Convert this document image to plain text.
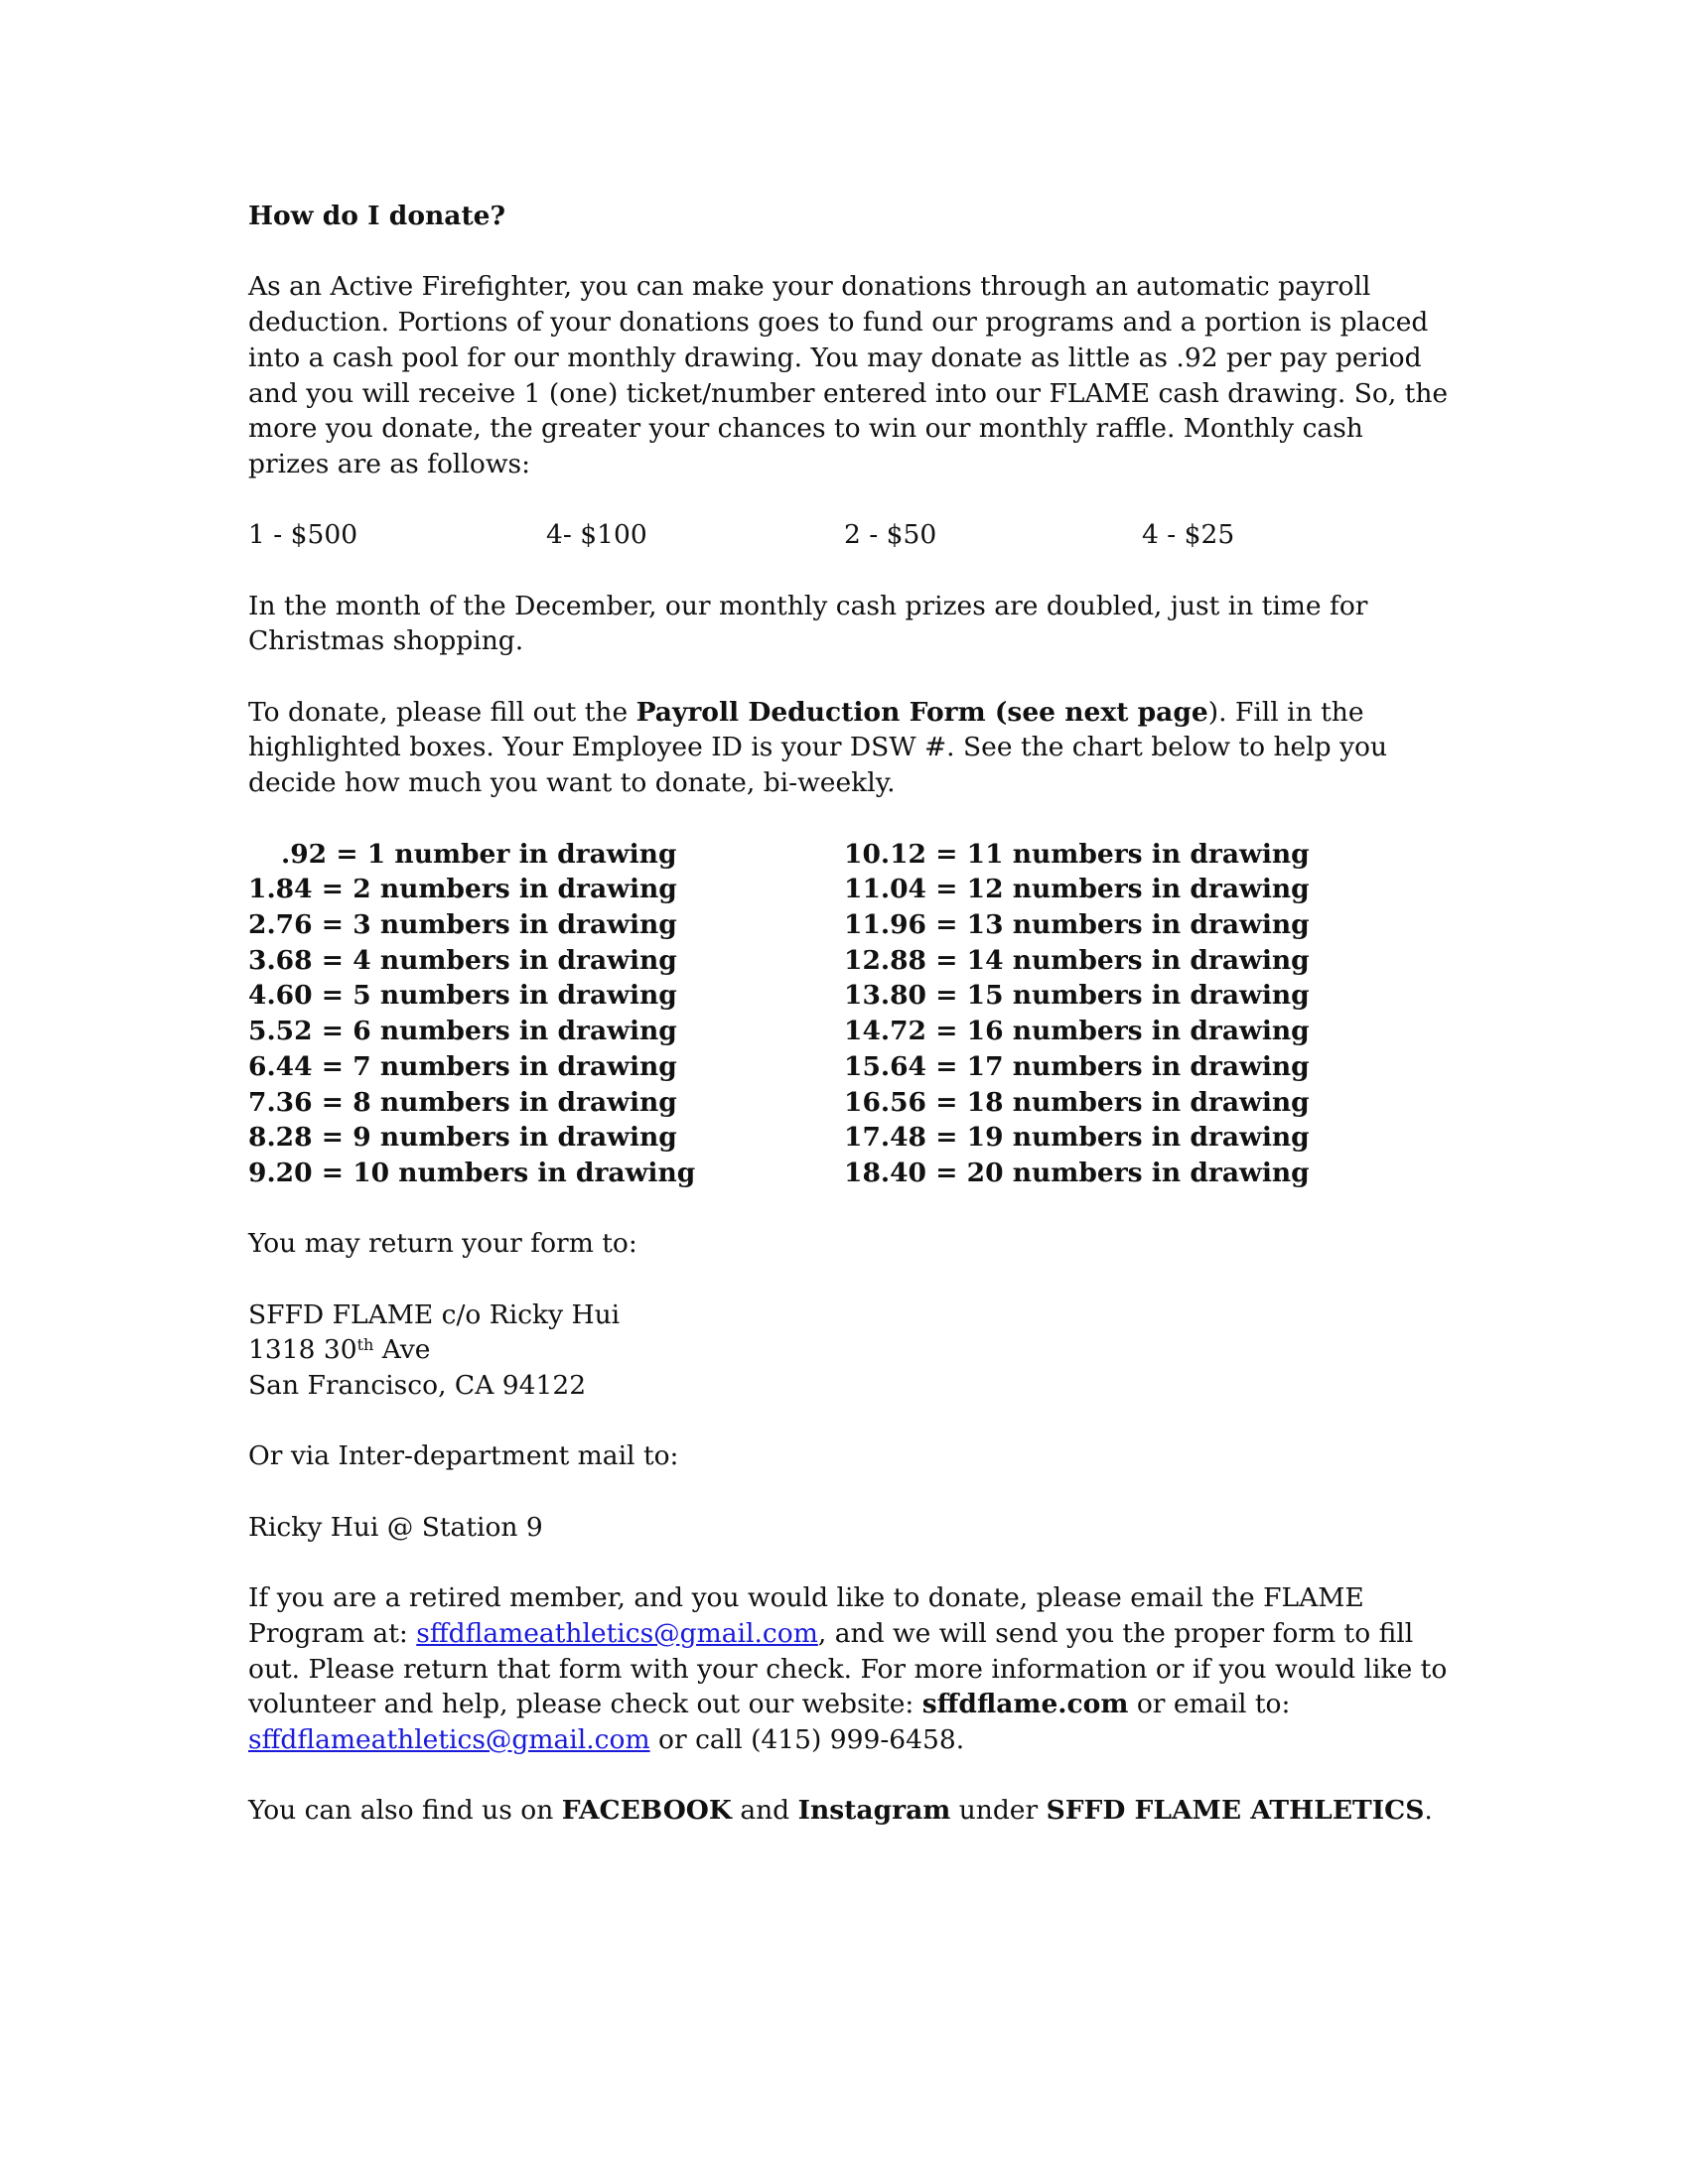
How do I donate?

As an Active Firefighter, you can make your donations through an automatic payroll deduction. Portions of your donations goes to fund our programs and a portion is placed into a cash pool for our monthly drawing. You may donate as little as .92 per pay period and you will receive 1 (one) ticket/number entered into our FLAME cash drawing. So, the more you donate, the greater your chances to win our monthly raffle. Monthly cash prizes are as follows:

1 - $500	4- $100	2 - $50	4 - $25

In the month of the December, our monthly cash prizes are doubled, just in time for Christmas shopping.

To donate, please fill out the Payroll Deduction Form (see next page). Fill in the highlighted boxes. Your Employee ID is your DSW #. See the chart below to help you decide how much you want to donate, bi-weekly.

.92 = 1 number in drawing
1.84 = 2 numbers in drawing
2.76 = 3 numbers in drawing
3.68 = 4 numbers in drawing
4.60 = 5 numbers in drawing
5.52 = 6 numbers in drawing
6.44 = 7 numbers in drawing
7.36 = 8 numbers in drawing
8.28 = 9 numbers in drawing
9.20 = 10 numbers in drawing
10.12 = 11 numbers in drawing
11.04 = 12 numbers in drawing
11.96 = 13 numbers in drawing
12.88 = 14 numbers in drawing
13.80 = 15 numbers in drawing
14.72 = 16 numbers in drawing
15.64 = 17 numbers in drawing
16.56 = 18 numbers in drawing
17.48 = 19 numbers in drawing
18.40 = 20 numbers in drawing

You may return your form to:

SFFD FLAME c/o Ricky Hui

1318 30th Ave

San Francisco, CA 94122

Or via Inter-department mail to:

Ricky Hui @ Station 9

If you are a retired member, and you would like to donate, please email the FLAME Program at: sffdflameathletics@gmail.com, and we will send you the proper form to fill out. Please return that form with your check. For more information or if you would like to volunteer and help, please check out our website: sffdflame.com or email to: sffdflameathletics@gmail.com or call (415) 999-6458.

You can also find us on FACEBOOK and Instagram under SFFD FLAME ATHLETICS.
